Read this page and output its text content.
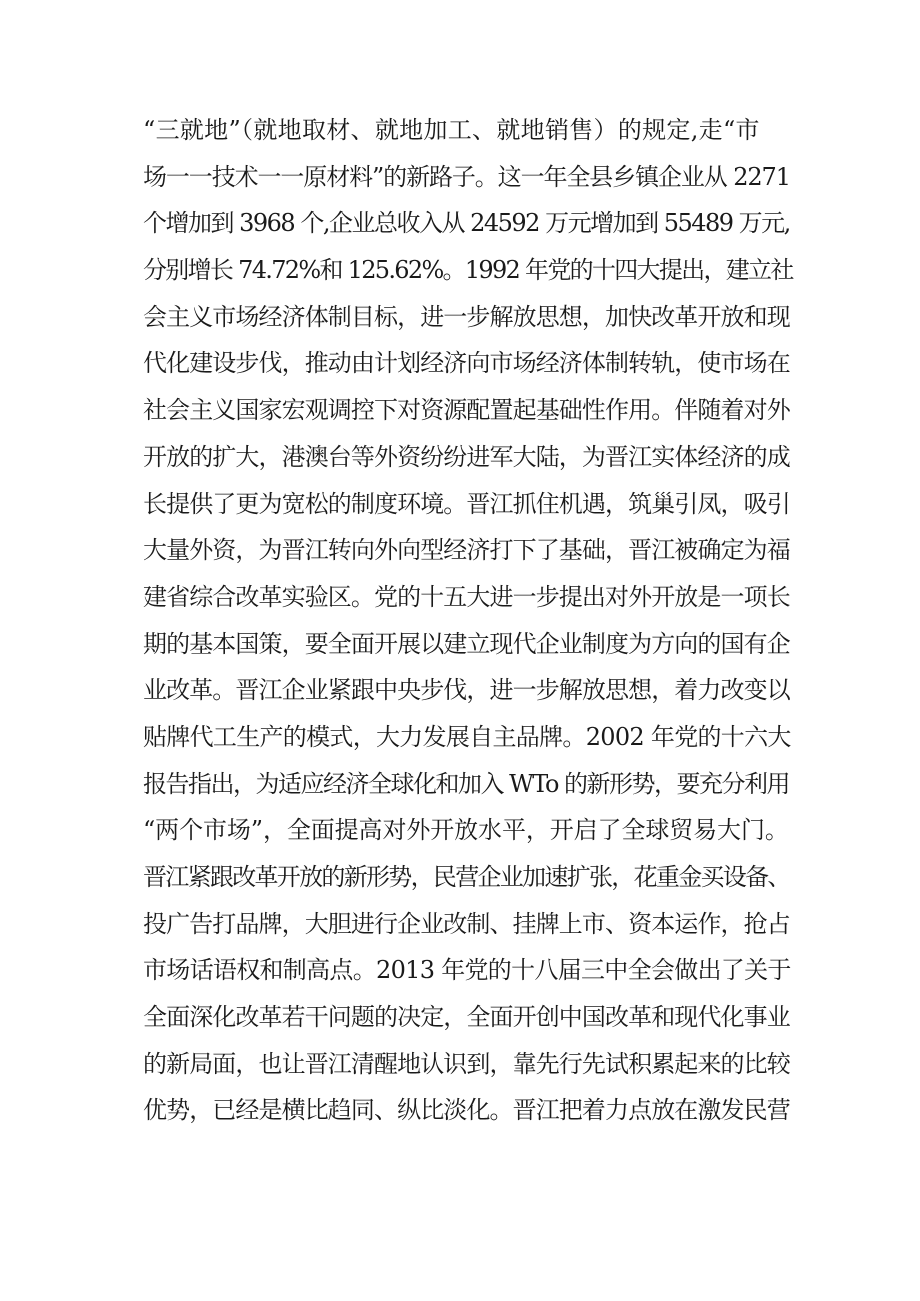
“三就地”（就地取材、就地加工、就地销售）的规定,走“市
场一一技术一一原材料”的新路子。这一年全县乡镇企业从 2271
个增加到 3968 个,企业总收入从 24592 万元增加到 55489 万元,
分别增长 74.72%和 125.62%。1992 年党的十四大提出，建立社
会主义市场经济体制目标，进一步解放思想，加快改革开放和现
代化建设步伐，推动由计划经济向市场经济体制转轨，使市场在
社会主义国家宏观调控下对资源配置起基础性作用。伴随着对外
开放的扩大，港澳台等外资纷纷进军大陆，为晋江实体经济的成
长提供了更为宽松的制度环境。晋江抓住机遇，筑巢引凤，吸引
大量外资，为晋江转向外向型经济打下了基础，晋江被确定为福
建省综合改革实验区。党的十五大进一步提出对外开放是一项长
期的基本国策，要全面开展以建立现代企业制度为方向的国有企
业改革。晋江企业紧跟中央步伐，进一步解放思想，着力改变以
贴牌代工生产的模式，大力发展自主品牌。2002 年党的十六大
报告指出，为适应经济全球化和加入 WTo 的新形势，要充分利用
“两个市场”，全面提高对外开放水平，开启了全球贸易大门。
晋江紧跟改革开放的新形势，民营企业加速扩张，花重金买设备、
投广告打品牌，大胆进行企业改制、挂牌上市、资本运作，抢占
市场话语权和制高点。2013 年党的十八届三中全会做出了关于
全面深化改革若干问题的决定，全面开创中国改革和现代化事业
的新局面，也让晋江清醒地认识到，靠先行先试积累起来的比较
优势，已经是横比趋同、纵比淡化。晋江把着力点放在激发民营
